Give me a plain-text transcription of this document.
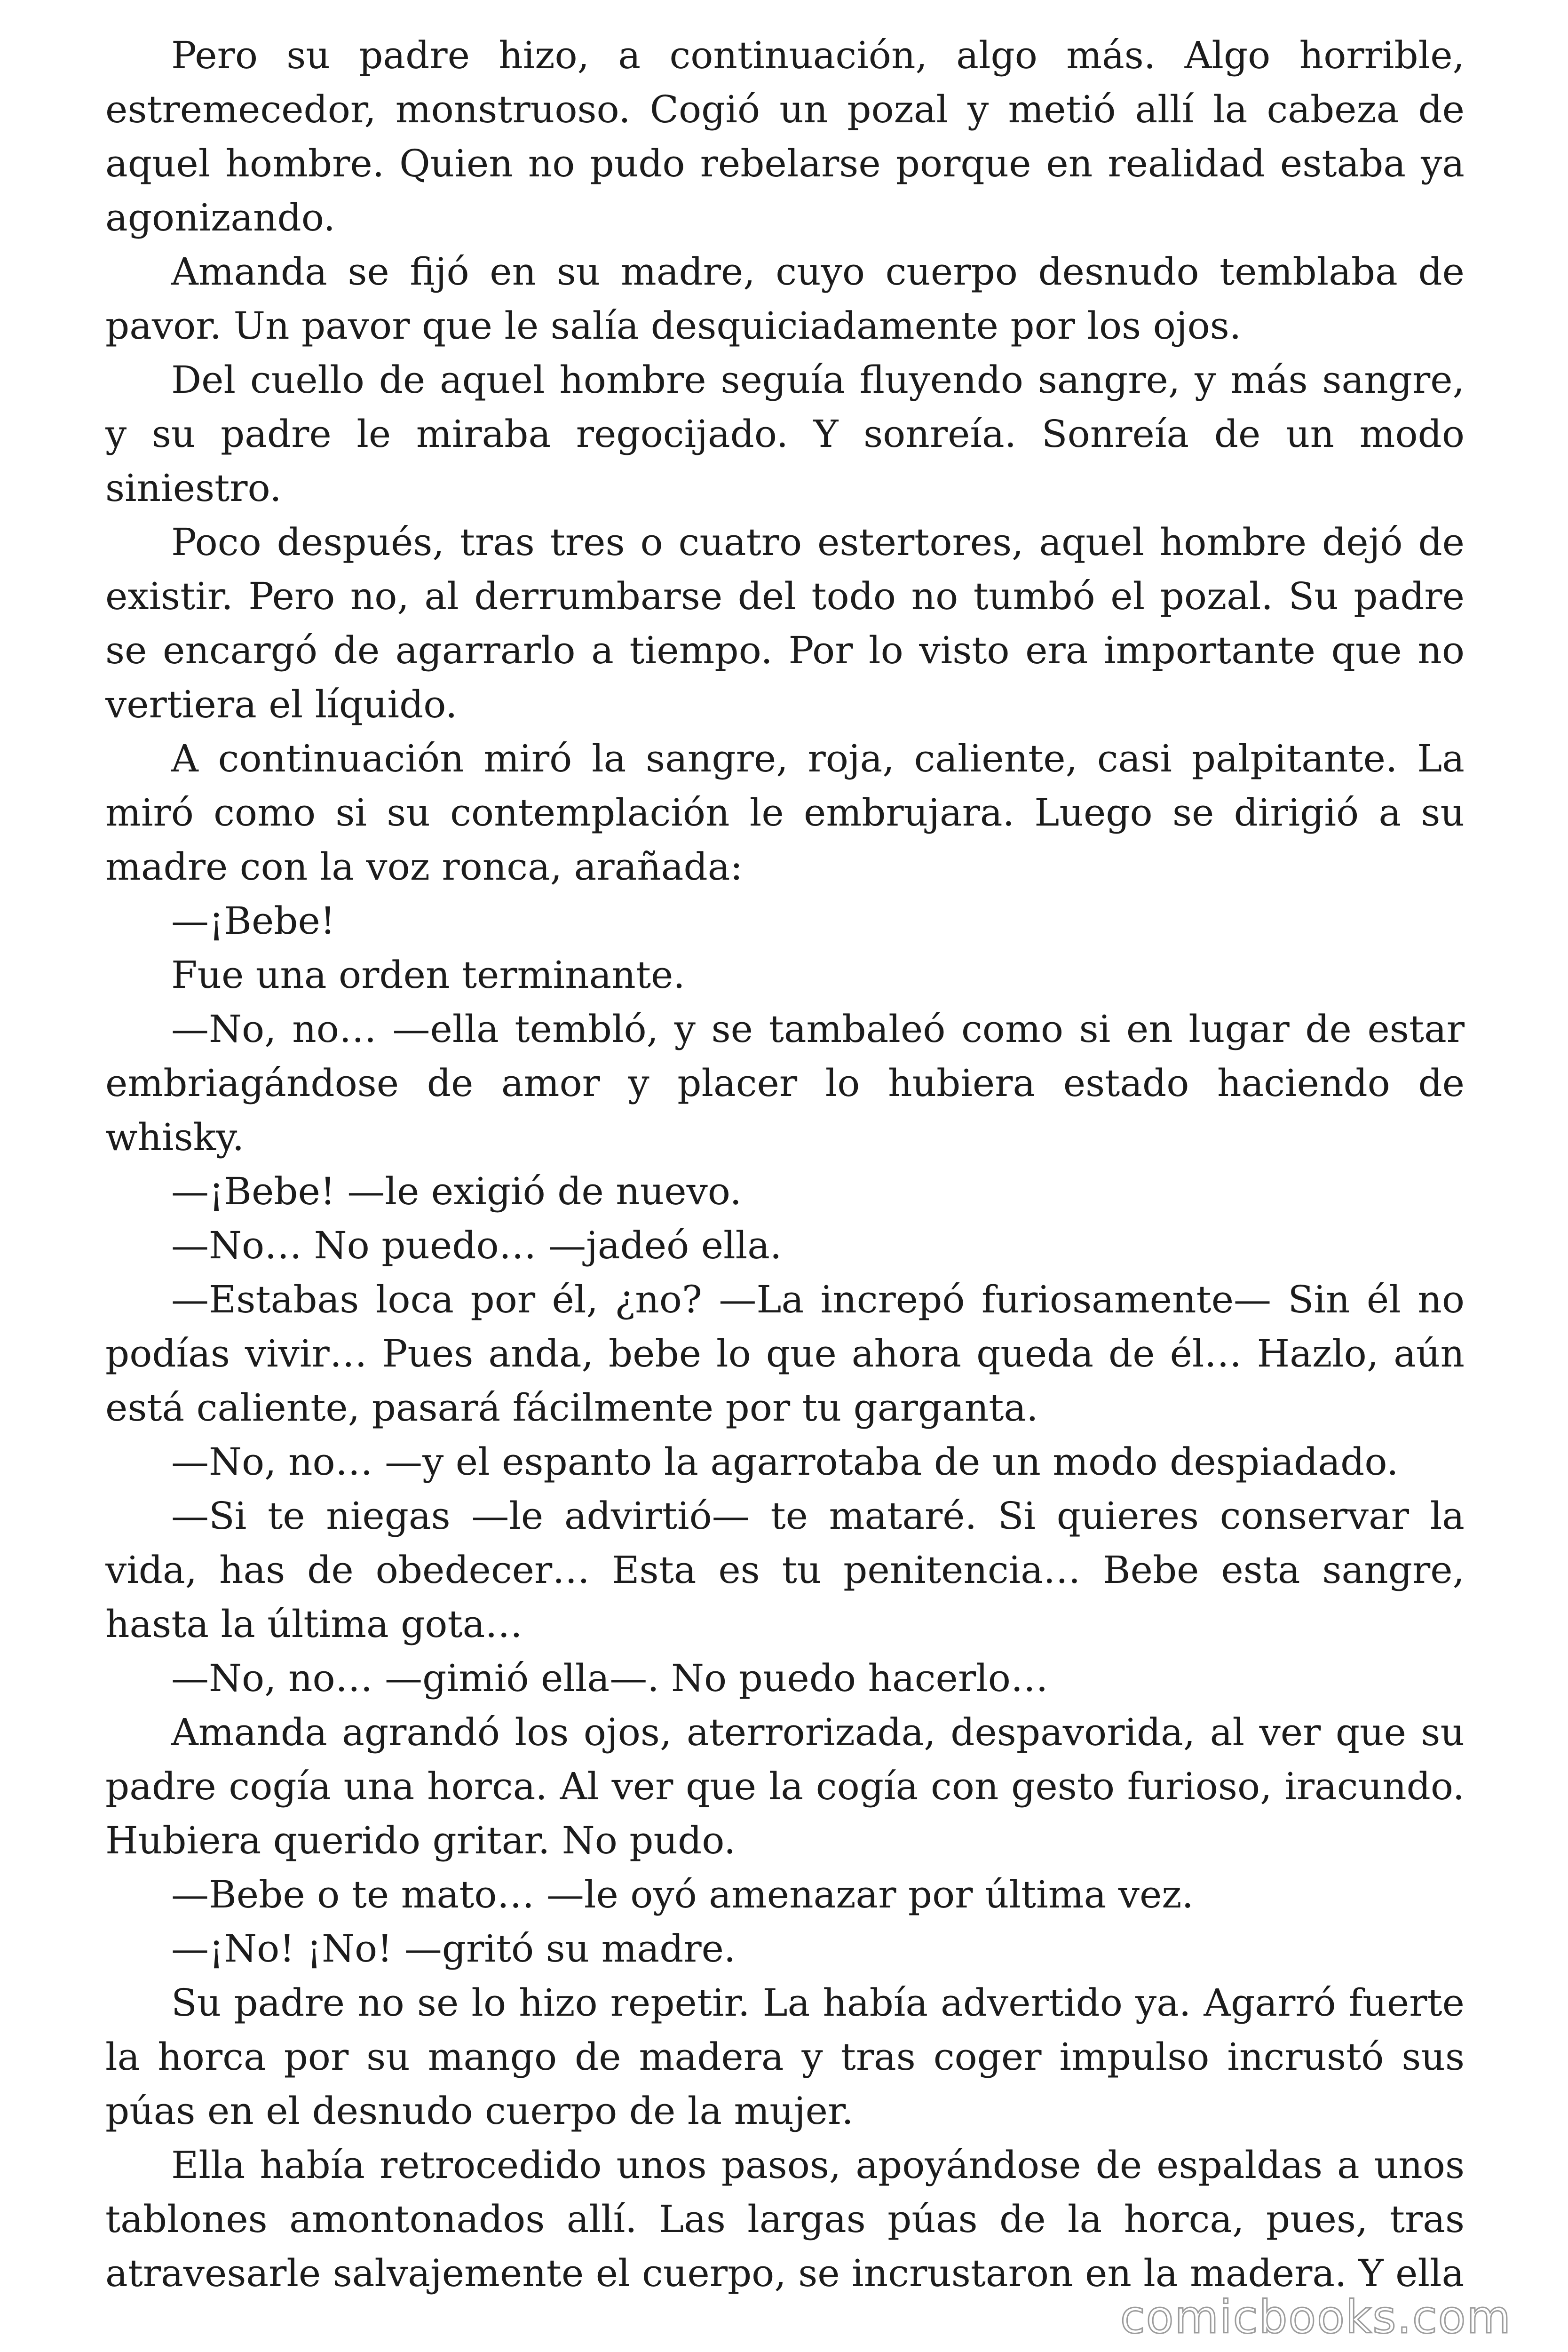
Pero su padre hizo, a continuación, algo más. Algo horrible, estremecedor, monstruoso. Cogió un pozal y metió allí la cabeza de aquel hombre. Quien no pudo rebelarse porque en realidad estaba ya agonizando.

Amanda se fijó en su madre, cuyo cuerpo desnudo temblaba de pavor. Un pavor que le salía desquiciadamente por los ojos.

Del cuello de aquel hombre seguía fluyendo sangre, y más sangre, y su padre le miraba regocijado. Y sonreía. Sonreía de un modo siniestro.

Poco después, tras tres o cuatro estertores, aquel hombre dejó de existir. Pero no, al derrumbarse del todo no tumbó el pozal. Su padre se encargó de agarrarlo a tiempo. Por lo visto era importante que no vertiera el líquido.

A continuación miró la sangre, roja, caliente, casi palpitante. La miró como si su contemplación le embrujara. Luego se dirigió a su madre con la voz ronca, arañada:

—¡Bebe!

Fue una orden terminante.

—No, no… —ella tembló, y se tambaleó como si en lugar de estar embriagándose de amor y placer lo hubiera estado haciendo de whisky.

—¡Bebe! —le exigió de nuevo.

—No… No puedo… —jadeó ella.

—Estabas loca por él, ¿no? —La increpó furiosamente— Sin él no podías vivir… Pues anda, bebe lo que ahora queda de él… Hazlo, aún está caliente, pasará fácilmente por tu garganta.

—No, no… —y el espanto la agarrotaba de un modo despiadado.

—Si te niegas —le advirtió— te mataré. Si quieres conservar la vida, has de obedecer… Esta es tu penitencia… Bebe esta sangre, hasta la última gota…

—No, no… —gimió ella—. No puedo hacerlo…

Amanda agrandó los ojos, aterrorizada, despavorida, al ver que su padre cogía una horca. Al ver que la cogía con gesto furioso, iracundo. Hubiera querido gritar. No pudo.

—Bebe o te mato… —le oyó amenazar por última vez.

—¡No! ¡No! —gritó su madre.

Su padre no se lo hizo repetir. La había advertido ya. Agarró fuerte la horca por su mango de madera y tras coger impulso incrustó sus púas en el desnudo cuerpo de la mujer.

Ella había retrocedido unos pasos, apoyándose de espaldas a unos tablones amontonados allí. Las largas púas de la horca, pues, tras atravesarle salvajemente el cuerpo, se incrustaron en la madera. Y ella

comicbooks.com
